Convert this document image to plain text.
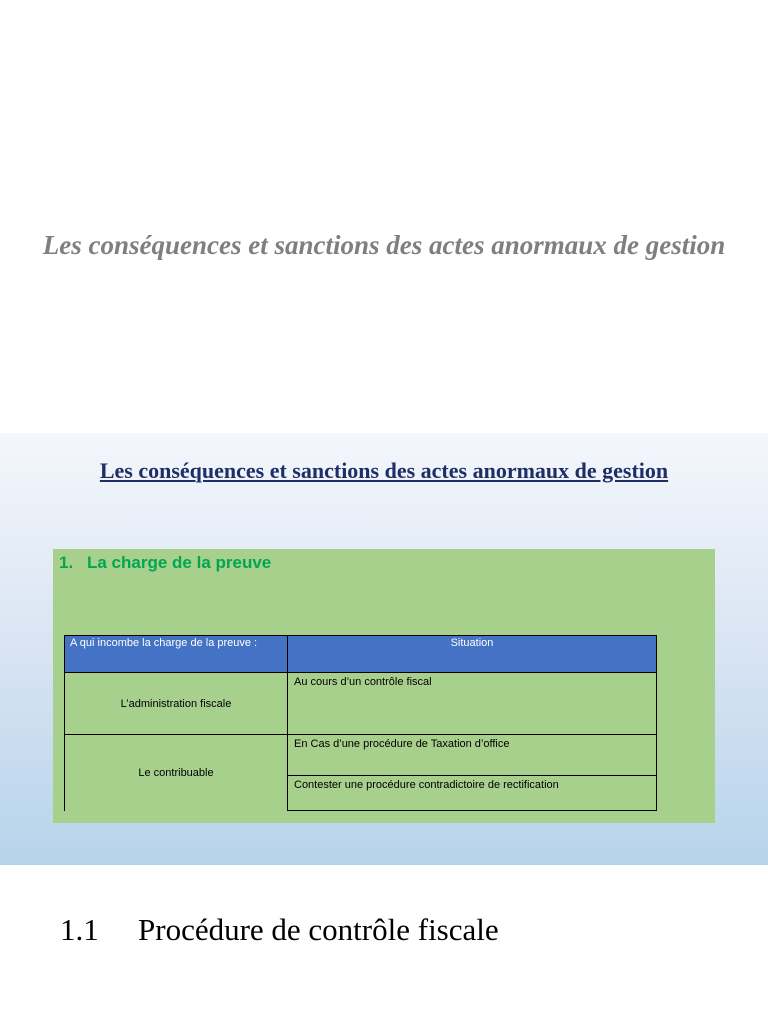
Les conséquences et sanctions des actes anormaux de gestion
Les conséquences et sanctions des actes anormaux de gestion
1. La charge de la preuve
A qui incombe la charge de la preuve :	Situation
L’administration fiscale	Au cours d’un contrôle fiscal
Le contribuable	En Cas d’une procédure de Taxation d’office
	Contester une procédure contradictoire de rectification
1.1 Procédure de contrôle fiscale
